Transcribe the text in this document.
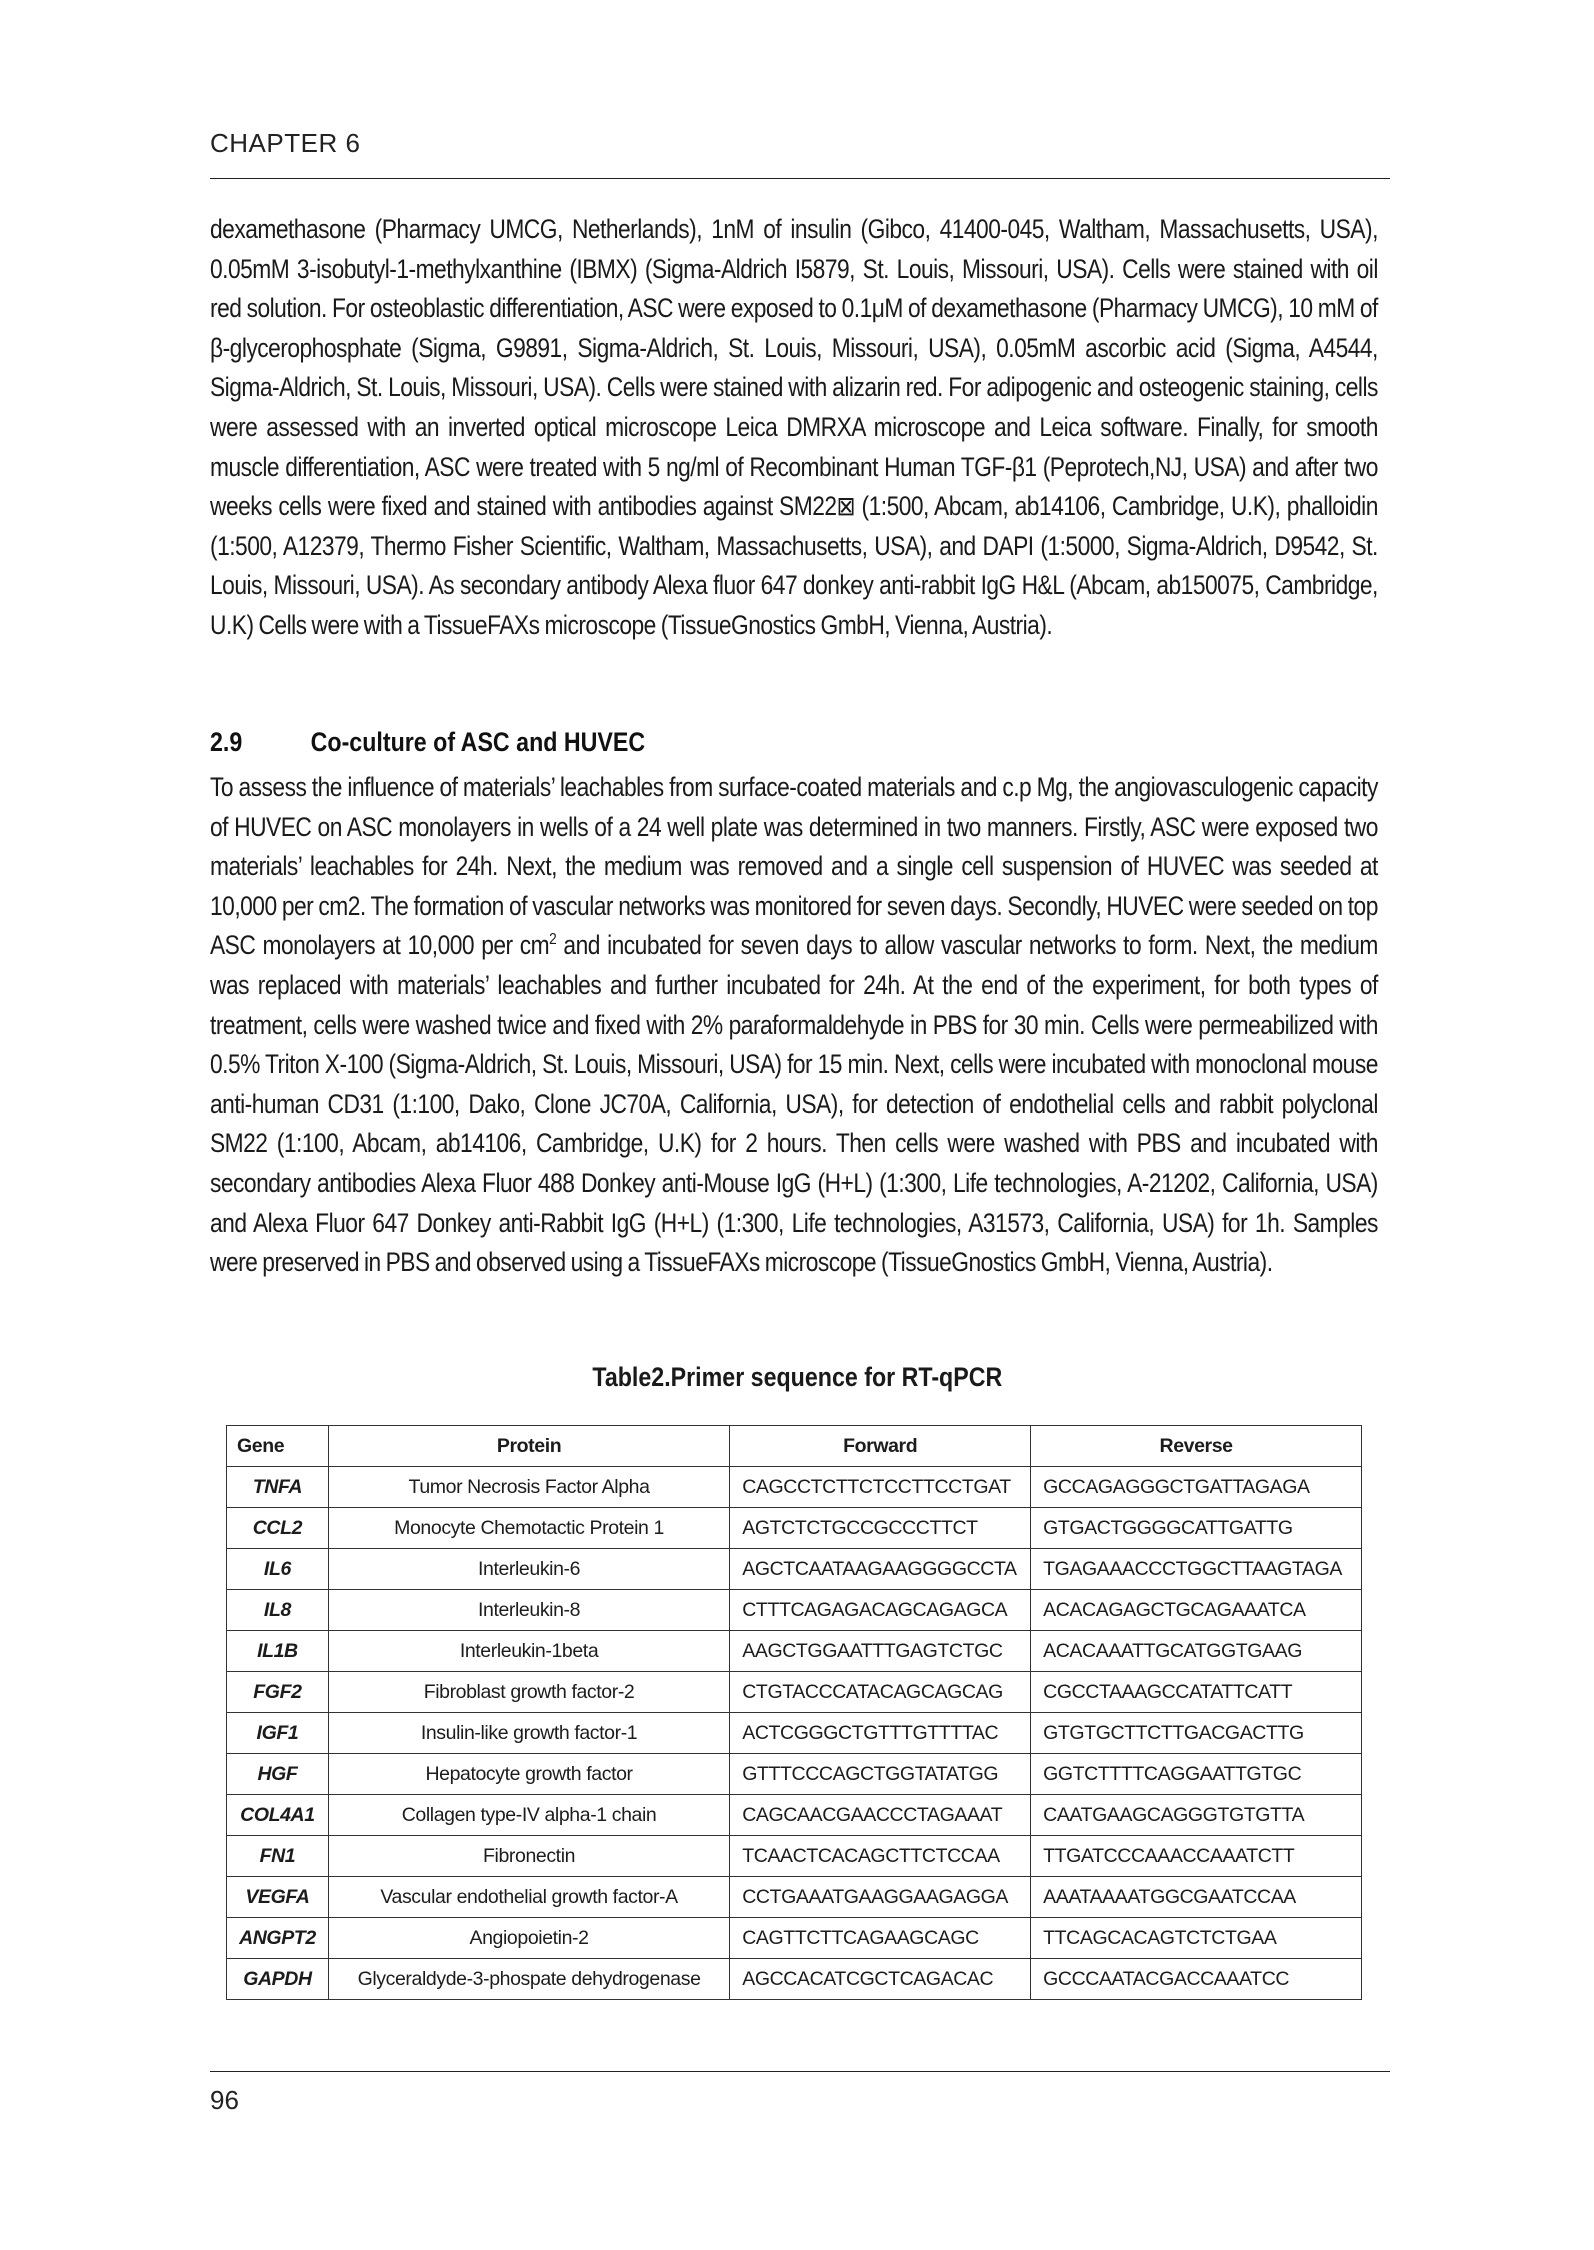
CHAPTER 6
dexamethasone (Pharmacy UMCG, Netherlands), 1nM of insulin (Gibco, 41400-045, Waltham, Massachusetts, USA), 0.05mM 3-isobutyl-1-methylxanthine (IBMX) (Sigma-Aldrich I5879, St. Louis, Missouri, USA). Cells were stained with oil red solution. For osteoblastic differentiation, ASC were exposed to 0.1μM of dexamethasone (Pharmacy UMCG), 10 mM of β-glycerophosphate (Sigma, G9891, Sigma-Aldrich, St. Louis, Missouri, USA), 0.05mM ascorbic acid (Sigma, A4544, Sigma-Aldrich, St. Louis, Missouri, USA). Cells were stained with alizarin red. For adipogenic and osteogenic staining, cells were assessed with an inverted optical microscope Leica DMRXA microscope and Leica software. Finally, for smooth muscle differentiation, ASC were treated with 5 ng/ml of Recombinant Human TGF-β1 (Peprotech,NJ, USA) and after two weeks cells were fixed and stained with antibodies against SM22⊠ (1:500, Abcam, ab14106, Cambridge, U.K), phalloidin (1:500, A12379, Thermo Fisher Scientific, Waltham, Massachusetts, USA), and DAPI (1:5000, Sigma-Aldrich, D9542, St. Louis, Missouri, USA). As secondary antibody Alexa fluor 647 donkey anti-rabbit IgG H&L (Abcam, ab150075, Cambridge, U.K) Cells were with a TissueFAXs microscope (TissueGnostics GmbH, Vienna, Austria).
2.9	Co-culture of ASC and HUVEC
To assess the influence of materials’ leachables from surface-coated materials and c.p Mg, the angiovasculogenic capacity of HUVEC on ASC monolayers in wells of a 24 well plate was determined in two manners. Firstly, ASC were exposed two materials’ leachables for 24h. Next, the medium was removed and a single cell suspension of HUVEC was seeded at 10,000 per cm2. The formation of vascular networks was monitored for seven days. Secondly, HUVEC were seeded on top ASC monolayers at 10,000 per $cm^2$ and incubated for seven days to allow vascular networks to form. Next, the medium was replaced with materials’ leachables and further incubated for 24h. At the end of the experiment, for both types of treatment, cells were washed twice and fixed with 2% paraformaldehyde in PBS for 30 min. Cells were permeabilized with 0.5% Triton X-100 (Sigma-Aldrich, St. Louis, Missouri, USA) for 15 min. Next, cells were incubated with monoclonal mouse anti-human CD31 (1:100, Dako, Clone JC70A, California, USA), for detection of endothelial cells and rabbit polyclonal SM22 (1:100, Abcam, ab14106, Cambridge, U.K) for 2 hours. Then cells were washed with PBS and incubated with secondary antibodies Alexa Fluor 488 Donkey anti-Mouse IgG (H+L) (1:300, Life technologies, A-21202, California, USA) and Alexa Fluor 647 Donkey anti-Rabbit IgG (H+L) (1:300, Life technologies, A31573, California, USA) for 1h. Samples were preserved in PBS and observed using a TissueFAXs microscope (TissueGnostics GmbH, Vienna, Austria).
Table2.Primer sequence for RT-qPCR
Gene	Protein	Forward	Reverse
TNFA	Tumor Necrosis Factor Alpha	CAGCCTCTTCTCCTTCCTGAT	GCCAGAGGGCTGATTAGAGA
CCL2	Monocyte Chemotactic Protein 1	AGTCTCTGCCGCCCTTCT	GTGACTGGGGCATTGATTG
IL6	Interleukin-6	AGCTCAATAAGAAGGGGCCTA	TGAGAAACCCTGGCTTAAGTAGA
IL8	Interleukin-8	CTTTCAGAGACAGCAGAGCA	ACACAGAGCTGCAGAAATCA
IL1B	Interleukin-1beta	AAGCTGGAATTTGAGTCTGC	ACACAAATTGCATGGTGAAG
FGF2	Fibroblast growth factor-2	CTGTACCCATACAGCAGCAG	CGCCTAAAGCCATATTCATT
IGF1	Insulin-like growth factor-1	ACTCGGGCTGTTTGTTTTAC	GTGTGCTTCTTGACGACTTG
HGF	Hepatocyte growth factor	GTTTCCCAGCTGGTATATGG	GGTCTTTTCAGGAATTGTGC
COL4A1	Collagen type-IV alpha-1 chain	CAGCAACGAACCCTAGAAAT	CAATGAAGCAGGGTGTGTTA
FN1	Fibronectin	TCAACTCACAGCTTCTCCAA	TTGATCCCAAACCAAATCTT
VEGFA	Vascular endothelial growth factor-A	CCTGAAATGAAGGAAGAGGA	AAATAAAATGGCGAATCCAA
ANGPT2	Angiopoietin-2	CAGTTCTTCAGAAGCAGC	TTCAGCACAGTCTCTGAA
GAPDH	Glyceraldyde-3-phospate dehydrogenase	AGCCACATCGCTCAGACAC	GCCCAATACGACCAAATCC
96
